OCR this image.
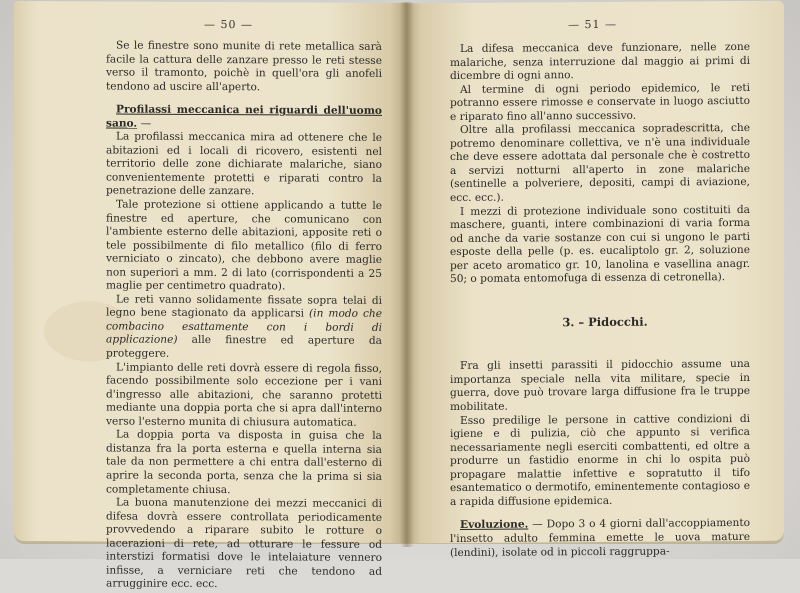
— 50 —

Se le finestre sono munite di rete metallica sarà facile la cattura delle zanzare presso le reti stesse verso il tramonto, poichè in quell'ora gli anofeli tendono ad uscire all'aperto.

Profilassi meccanica nei riguardi dell'uomo sano. —

La profilassi meccanica mira ad ottenere che le abitazioni ed i locali di ricovero, esistenti nel territorio delle zone dichiarate malariche, siano convenientemente protetti e riparati contro la penetrazione delle zanzare.

Tale protezione si ottiene applicando a tutte le finestre ed aperture, che comunicano con l'ambiente esterno delle abitazioni, apposite reti o tele possibilmente di filo metallico (filo di ferro verniciato o zincato), che debbono avere maglie non superiori a mm. 2 di lato (corrispondenti a 25 maglie per centimetro quadrato).

Le reti vanno solidamente fissate sopra telai di legno bene stagionato da applicarsi (in modo che combacino esattamente con i bordi di applicazione) alle finestre ed aperture da proteggere.

L'impianto delle reti dovrà essere di regola fisso, facendo possibilmente solo eccezione per i vani d'ingresso alle abitazioni, che saranno protetti mediante una doppia porta che si apra dall'interno verso l'esterno munita di chiusura automatica.

La doppia porta va disposta in guisa che la distanza fra la porta esterna e quella interna sia tale da non permettere a chi entra dall'esterno di aprire la seconda porta, senza che la prima si sia completamente chiusa.

La buona manutenzione dei mezzi meccanici di difesa dovrà essere controllata periodicamente provvedendo a riparare subito le rotture o lacerazioni di rete, ad otturare le fessure od interstizi formatisi dove le intelaiature vennero infisse, a verniciare reti che tendono ad arrugginire ecc. ecc.

— 51 —

La difesa meccanica deve funzionare, nelle zone malariche, senza interruzione dal maggio ai primi di dicembre di ogni anno.

Al termine di ogni periodo epidemico, le reti potranno essere rimosse e conservate in luogo asciutto e riparato fino all'anno successivo.

Oltre alla profilassi meccanica sopradescritta, che potremo denominare collettiva, ve n'è una individuale che deve essere adottata dal personale che è costretto a servizi notturni all'aperto in zone malariche (sentinelle a polveriere, depositi, campi di aviazione, ecc. ecc.).

I mezzi di protezione individuale sono costituiti da maschere, guanti, intere combinazioni di varia forma od anche da varie sostanze con cui si ungono le parti esposte della pelle (p. es. eucaliptolo gr. 2, soluzione per aceto aromatico gr. 10, lanolina e vasellina anagr. 50; o pomata entomofuga di essenza di cetronella).

3. – Pidocchi.

Fra gli insetti parassiti il pidocchio assume una importanza speciale nella vita militare, specie in guerra, dove può trovare larga diffusione fra le truppe mobilitate.

Esso predilige le persone in cattive condizioni di igiene e di pulizia, ciò che appunto si verifica necessariamente negli eserciti combattenti, ed oltre a produrre un fastidio enorme in chi lo ospita può propagare malattie infettive e sopratutto il tifo esantematico o dermotifo, eminentemente contagioso e a rapida diffusione epidemica.

Evoluzione. — Dopo 3 o 4 giorni dall'accoppiamento l'insetto adulto femmina emette le uova mature (lendini), isolate od in piccoli raggruppa-
